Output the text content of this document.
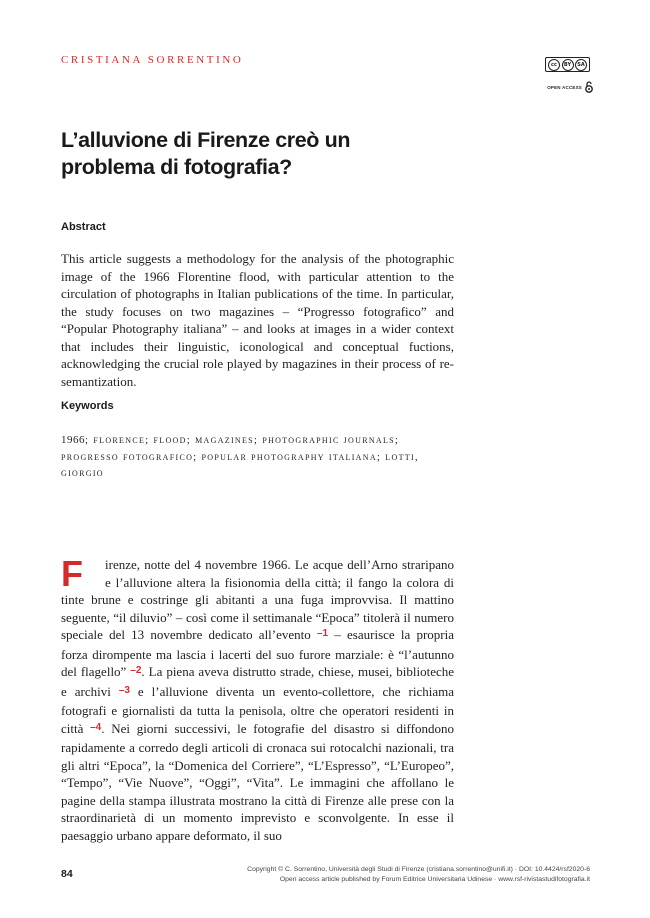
CRISTIANA SORRENTINO	cc	BY	SA
OPEN ACCESS
L’alluvione di Firenze creò un problema di fotografia?
Abstract

This article suggests a methodology for the analysis of the photographic image of the 1966 Florentine flood, with particular attention to the circulation of photographs in Italian publications of the time. In particular, the study focuses on two magazines – “Progresso fotografico” and “Popular Photography italiana” – and looks at images in a wider context that includes their linguistic, iconological and conceptual fuctions, acknowledging the crucial role played by magazines in their process of re-semantization.

Keywords

1966; florence; flood; magazines; photographic journals; progresso fotografico; popular photography italiana; lotti, giorgio

F irenze, notte del 4 novembre 1966. Le acque dell’Arno straripano e l’alluvione altera la fisionomia della città; il fango la colora di tinte brune e costringe gli abitanti a una fuga improvvisa. Il mattino seguente, “il diluvio” – così come il settimanale “Epoca” titolerà il numero speciale del 13 novembre dedicato all’evento $^{-1}$ – esaurisce la propria forza dirompente ma lascia i lacerti del suo furore marziale: è “l’autunno del flagello” $^{-2}$. La piena aveva distrutto strade, chiese, musei, biblioteche e archivi $^{-3}$ e l’alluvione diventa un evento-collettore, che richiama fotografi e giornalisti da tutta la penisola, oltre che operatori residenti in città $^{-4}$. Nei giorni successivi, le fotografie del disastro si diffondono rapidamente a corredo degli articoli di cronaca sui rotocalchi nazionali, tra gli altri “Epoca”, la “Domenica del Corriere”, “L’Espresso”, “L’Europeo”, “Tempo”, “Vie Nuove”, “Oggi”, “Vita”. Le immagini che affollano le pagine della stampa illustrata mostrano la città di Firenze alle prese con la straordinarietà di un momento imprevisto e sconvolgente. In esse il paesaggio urbano appare deformato, il suo

84	Copyright © C. Sorrentino, Università degli Studi di Firenze (cristiana.sorrentino@unifi.it) · DOI: 10.4424/rsf2020-6
Open access article published by Forum Editrice Universitaria Udinese · www.rsf-rivistastudifotografia.it
